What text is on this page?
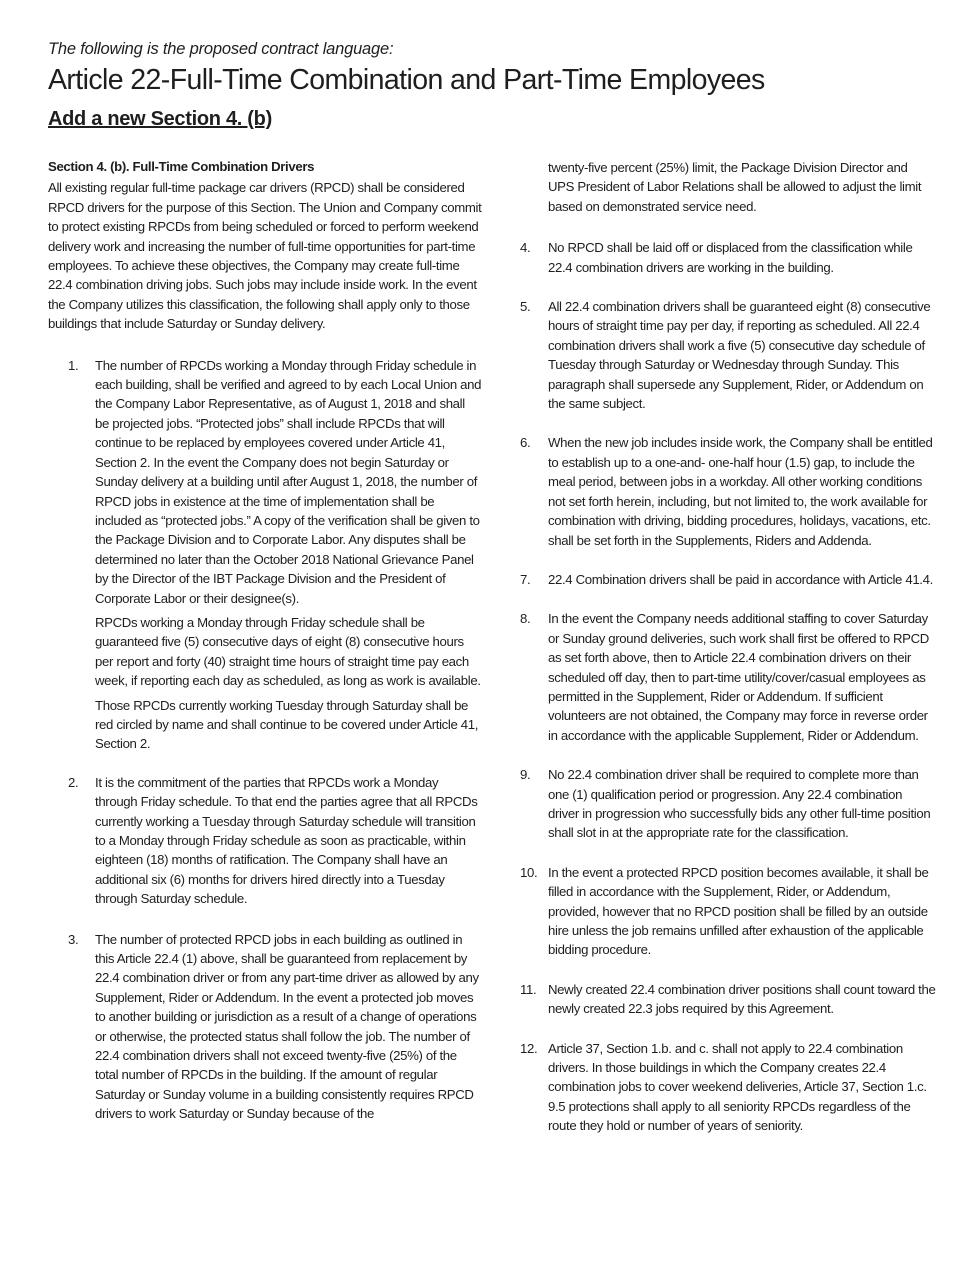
The following is the proposed contract language:
Article 22-Full-Time Combination and Part-Time Employees
Add a new Section 4. (b)

Section 4. (b). Full-Time Combination Drivers

All existing regular full-time package car drivers (RPCD) shall be considered RPCD drivers for the purpose of this Section. The Union and Company commit to protect existing RPCDs from being scheduled or forced to perform weekend delivery work and increasing the number of full-time opportunities for part-time employees. To achieve these objectives, the Company may create full-time 22.4 combination driving jobs. Such jobs may include inside work. In the event the Company utilizes this classification, the following shall apply only to those buildings that include Saturday or Sunday delivery.

1.	The number of RPCDs working a Monday through Friday schedule in each building, shall be verified and agreed to by each Local Union and the Company Labor Representative, as of August 1, 2018 and shall be projected jobs. “Protected jobs” shall include RPCDs that will continue to be replaced by employees covered under Article 41, Section 2. In the event the Company does not begin Saturday or Sunday delivery at a building until after August 1, 2018, the number of RPCD jobs in existence at the time of implementation shall be included as “protected jobs.” A copy of the verification shall be given to the Package Division and to Corporate Labor. Any disputes shall be determined no later than the October 2018 National Grievance Panel by the Director of the IBT Package Division and the President of Corporate Labor or their designee(s).

RPCDs working a Monday through Friday schedule shall be guaranteed five (5) consecutive days of eight (8) consecutive hours per report and forty (40) straight time hours of straight time pay each week, if reporting each day as scheduled, as long as work is available.

Those RPCDs currently working Tuesday through Saturday shall be red circled by name and shall continue to be covered under Article 41, Section 2.

2.	It is the commitment of the parties that RPCDs work a Monday through Friday schedule. To that end the parties agree that all RPCDs currently working a Tuesday through Saturday schedule will transition to a Monday through Friday schedule as soon as practicable, within eighteen (18) months of ratification. The Company shall have an additional six (6) months for drivers hired directly into a Tuesday through Saturday schedule.

3.	The number of protected RPCD jobs in each building as outlined in this Article 22.4 (1) above, shall be guaranteed from replacement by 22.4 combination driver or from any part-time driver as allowed by any Supplement, Rider or Addendum. In the event a protected job moves to another building or jurisdiction as a result of a change of operations or otherwise, the protected status shall follow the job. The number of 22.4 combination drivers shall not exceed twenty-five (25%) of the total number of RPCDs in the building. If the amount of regular Saturday or Sunday volume in a building consistently requires RPCD drivers to work Saturday or Sunday because of the

twenty-five percent (25%) limit, the Package Division Director and UPS President of Labor Relations shall be allowed to adjust the limit based on demonstrated service need.

4.	No RPCD shall be laid off or displaced from the classification while 22.4 combination drivers are working in the building.

5.	All 22.4 combination drivers shall be guaranteed eight (8) consecutive hours of straight time pay per day, if reporting as scheduled. All 22.4 combination drivers shall work a five (5) consecutive day schedule of Tuesday through Saturday or Wednesday through Sunday. This paragraph shall supersede any Supplement, Rider, or Addendum on the same subject.

6.	When the new job includes inside work, the Company shall be entitled to establish up to a one-and- one-half hour (1.5) gap, to include the meal period, between jobs in a workday. All other working conditions not set forth herein, including, but not limited to, the work available for combination with driving, bidding procedures, holidays, vacations, etc. shall be set forth in the Supplements, Riders and Addenda.

7.	22.4 Combination drivers shall be paid in accordance with Article 41.4.

8.	In the event the Company needs additional staffing to cover Saturday or Sunday ground deliveries, such work shall first be offered to RPCD as set forth above, then to Article 22.4 combination drivers on their scheduled off day, then to part-time utility/cover/casual employees as permitted in the Supplement, Rider or Addendum. If sufficient volunteers are not obtained, the Company may force in reverse order in accordance with the applicable Supplement, Rider or Addendum.

9.	No 22.4 combination driver shall be required to complete more than one (1) qualification period or progression. Any 22.4 combination driver in progression who successfully bids any other full-time position shall slot in at the appropriate rate for the classification.

10. In the event a protected RPCD position becomes available, it shall be filled in accordance with the Supplement, Rider, or Addendum, provided, however that no RPCD position shall be filled by an outside hire unless the job remains unfilled after exhaustion of the applicable bidding procedure.

11. Newly created 22.4 combination driver positions shall count toward the newly created 22.3 jobs required by this Agreement.

12. Article 37, Section 1.b. and c. shall not apply to 22.4 combination drivers. In those buildings in which the Company creates 22.4 combination jobs to cover weekend deliveries, Article 37, Section 1.c. 9.5 protections shall apply to all seniority RPCDs regardless of the route they hold or number of years of seniority.
